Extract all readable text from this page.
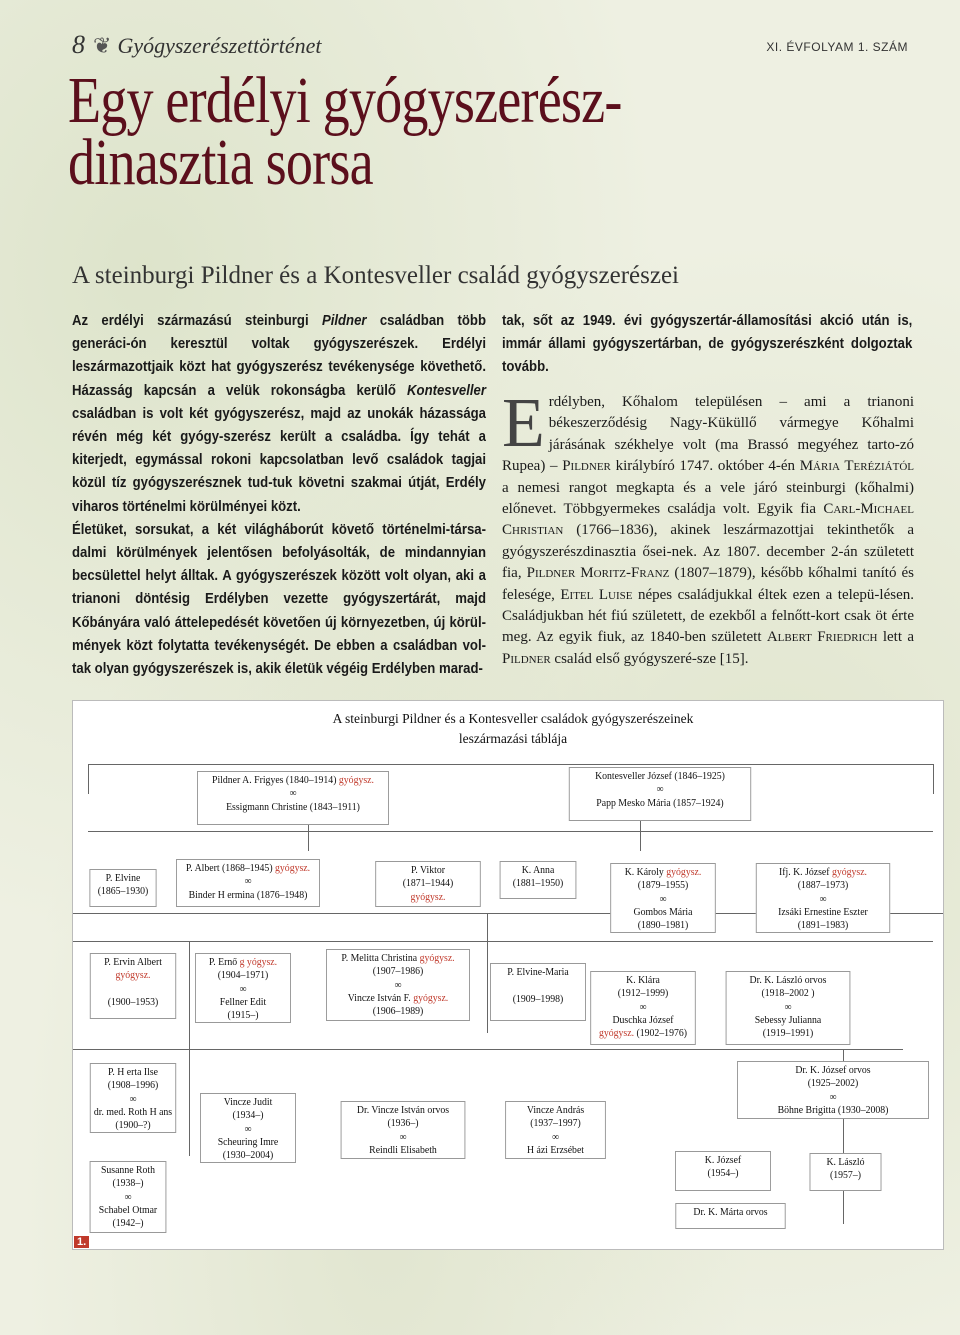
8 ❦ Gyógyszerészettörténet	XI. ÉVFOLYAM 1. SZÁM
Egy erdélyi gyógyszerész-
dinasztia sorsa
A steinburgi Pildner és a Kontesveller család gyógyszerészei
Az erdélyi származású steinburgi Pildner családban több generáci-ón keresztül voltak gyógyszerészek. Erdélyi leszármazottjaik közt hat gyógyszerész tevékenysége követhető. Házasság kapcsán a velük rokonságba kerülő Kontesveller családban is volt két gyógyszerész, majd az unokák házassága révén még két gyógy-szerész került a családba. Így tehát a kiterjedt, egymással rokoni kapcsolatban levő családok tagjai közül tíz gyógyszerésznek tud-tuk követni szakmai útját, Erdély viharos történelmi körülményei közt.
Életüket, sorsukat, a két világháborút követő történelmi-társa-dalmi körülmények jelentősen befolyásolták, de mindannyian becsülettel helyt álltak. A gyógyszerészek között volt olyan, aki a trianoni döntésig Erdélyben vezette gyógyszertárát, majd Kőbányára való áttelepedését követően új környezetben, új körül-mények közt folytatta tevékenységét. De ebben a családban vol-tak olyan gyógyszerészek is, akik életük végéig Erdélyben marad-
tak, sőt az 1949. évi gyógyszertár-államosítási akció után is, immár állami gyógyszertárban, de gyógyszerészként dolgoztak tovább.
Erdélyben, Kőhalom településen – ami a trianoni békeszerződésig Nagy-Küküllő vármegye Kőhalmi járásának székhelye volt (ma Brassó megyéhez tarto-zó Rupea) – Pildner királybíró 1747. október 4-én Mária Teréziától a nemesi rangot megkapta és a vele járó steinburgi (kőhalmi) előnevet. Többgyermekes családja volt. Egyik fia Carl-Michael Christian (1766–1836), akinek leszármazottjai tekinthetők a gyógyszerészdinasztia ősei-nek. Az 1807. december 2-án született fia, Pildner Moritz-Franz (1807–1879), később kőhalmi tanító és felesége, Eitel Luise népes családjukkal éltek ezen a telepü-lésen. Családjukban hét fiú született, de ezekből a felnőtt-kort csak öt érte meg. Az egyik fiuk, az 1840-ben született Albert Friedrich lett a Pildner család első gyógyszeré-sze [15].
A steinburgi Pildner és a Kontesveller családok gyógyszerészeinek
leszármazási táblája
Pildner A. Frigyes (1840–1914) gyógysz.
∞
Essigmann Christine (1843–1911)
Kontesveller József (1846–1925)
∞
Papp Mesko Mária (1857–1924)
P. Elvine
(1865–1930)
P. Albert (1868–1945) gyógysz.
∞
Binder H ermina (1876–1948)
P. Viktor
(1871–1944)
gyógysz.
K. Anna
(1881–1950)
K. Károly gyógysz.
(1879–1955)
∞
Gombos Mária
(1890–1981)
Ifj. K. József gyógysz.
(1887–1973)
∞
Izsáki Ernestine Eszter
(1891–1983)
P. Ervin Albert
gyógysz.

(1900–1953)
P. Ernő g yógysz.
(1904–1971)
∞
Fellner Edit
(1915–)
P. Melitta Christina gyógysz.
(1907–1986)
∞
Vincze István F. gyógysz.
(1906–1989)
P. Elvine-Maria

(1909–1998)
K. Klára
(1912–1999)
∞
Duschka József
gyógysz. (1902–1976)
Dr. K. László orvos
(1918–2002 )
∞
Sebessy Julianna
(1919–1991)
P. H erta Ilse
(1908–1996)
∞
dr. med. Roth H ans
(1900–?)
Vincze Judit
(1934–)
∞
Scheuring Imre
(1930–2004)
Dr. Vincze István orvos
(1936–)
∞
Reindli Elisabeth
Vincze András
(1937–1997)
∞
H ázi Erzsébet
Dr. K. József orvos
(1925–2002)
∞
Böhne Brigitta (1930–2008)
Susanne Roth
(1938–)
∞
Schabel Otmar
(1942–)
K. József
(1954–)
K. László
(1957–)
Dr. K. Márta orvos
1.
